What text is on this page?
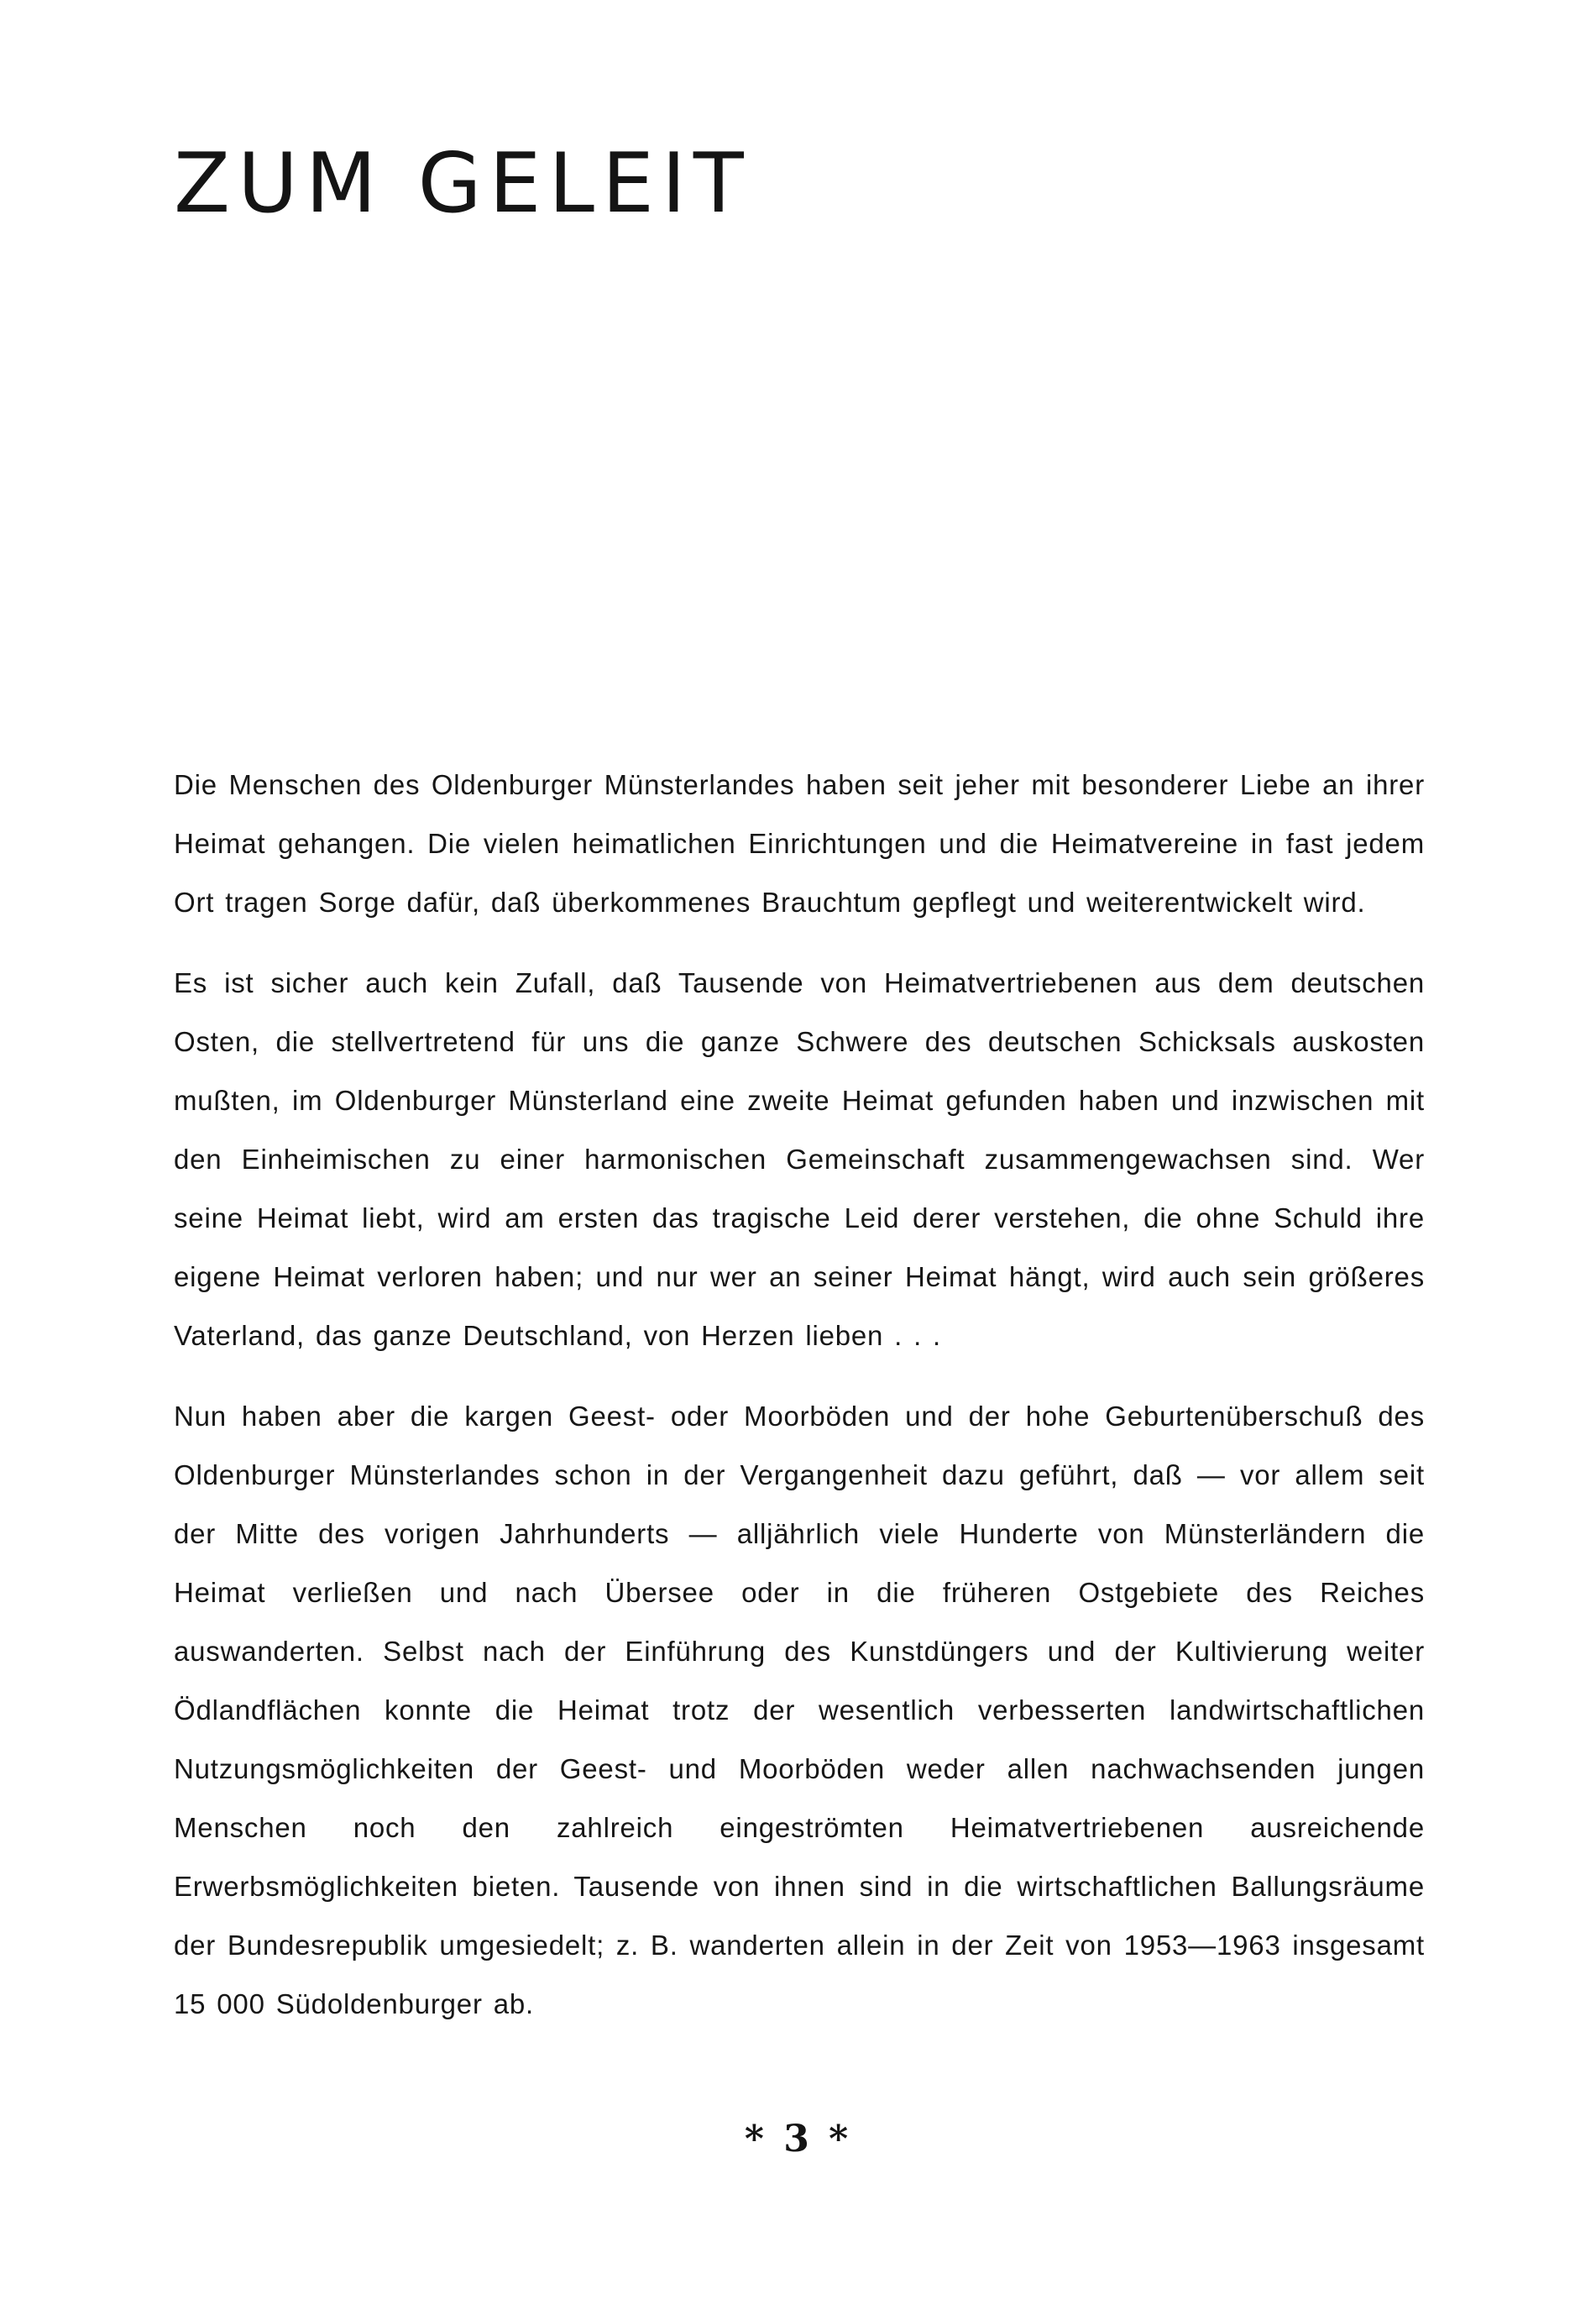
ZUM GELEIT

Die Menschen des Oldenburger Münsterlandes haben seit jeher mit besonderer Liebe an ihrer Heimat gehangen. Die vielen heimatlichen Einrichtungen und die Heimatvereine in fast jedem Ort tragen Sorge dafür, daß überkommenes Brauchtum gepflegt und weiterentwickelt wird.

Es ist sicher auch kein Zufall, daß Tausende von Heimatvertriebenen aus dem deutschen Osten, die stellvertretend für uns die ganze Schwere des deutschen Schicksals auskosten mußten, im Oldenburger Münsterland eine zweite Heimat gefunden haben und inzwischen mit den Einheimischen zu einer harmonischen Gemeinschaft zusammengewachsen sind. Wer seine Heimat liebt, wird am ersten das tragische Leid derer verstehen, die ohne Schuld ihre eigene Heimat verloren haben; und nur wer an seiner Heimat hängt, wird auch sein größeres Vaterland, das ganze Deutschland, von Herzen lieben . . .

Nun haben aber die kargen Geest- oder Moorböden und der hohe Geburtenüberschuß des Oldenburger Münsterlandes schon in der Vergangenheit dazu geführt, daß — vor allem seit der Mitte des vorigen Jahrhunderts — alljährlich viele Hunderte von Münsterländern die Heimat verließen und nach Übersee oder in die früheren Ostgebiete des Reiches auswanderten. Selbst nach der Einführung des Kunstdüngers und der Kultivierung weiter Ödlandflächen konnte die Heimat trotz der wesentlich verbesserten landwirtschaftlichen Nutzungsmöglichkeiten der Geest- und Moorböden weder allen nachwachsenden jungen Menschen noch den zahlreich eingeströmten Heimatvertriebenen ausreichende Erwerbsmöglichkeiten bieten. Tausende von ihnen sind in die wirtschaftlichen Ballungsräume der Bundesrepublik umgesiedelt; z. B. wanderten allein in der Zeit von 1953—1963 insgesamt 15 000 Südoldenburger ab.

* 3 *
